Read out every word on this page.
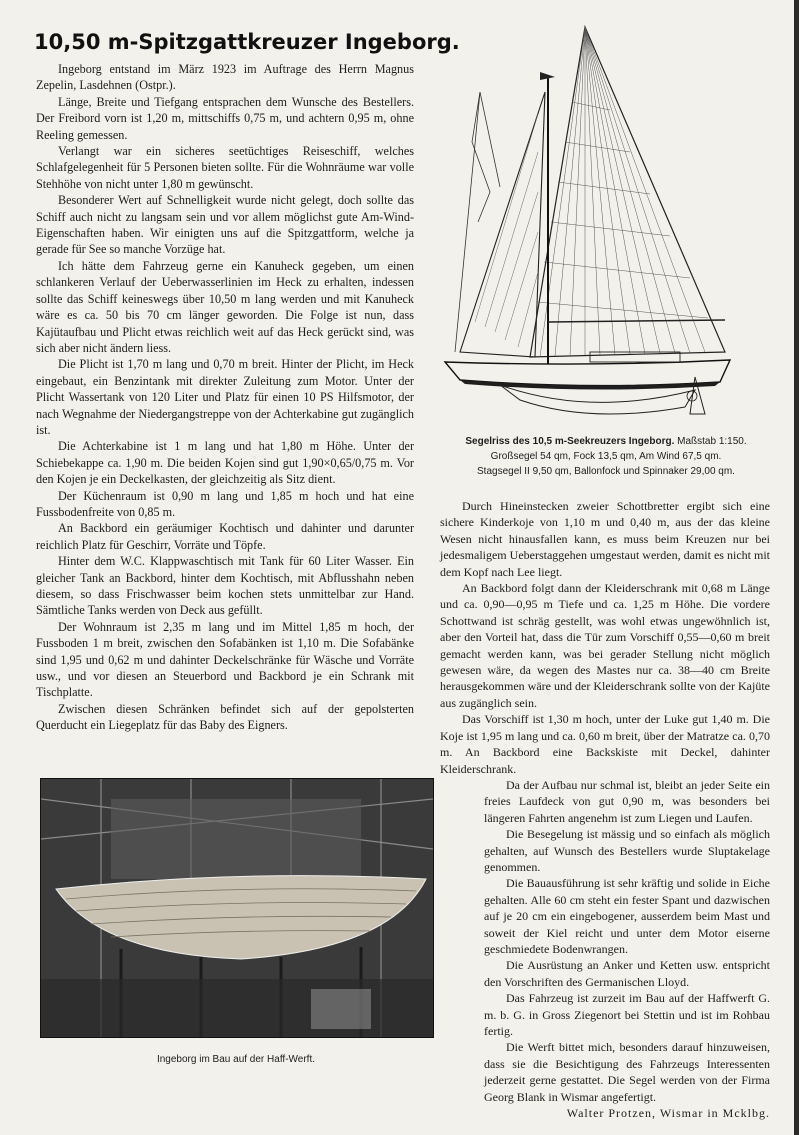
10,50 m-Spitzgattkreuzer Ingeborg.

Ingeborg entstand im März 1923 im Auftrage des Herrn Magnus Zepelin, Lasdehnen (Ostpr.).

Länge, Breite und Tiefgang entsprachen dem Wunsche des Bestellers. Der Freibord vorn ist 1,20 m, mittschiffs 0,75 m, und achtern 0,95 m, ohne Reeling gemessen.

Verlangt war ein sicheres seetüchtiges Reiseschiff, welches Schlafgelegenheit für 5 Personen bieten sollte. Für die Wohnräume war volle Stehhöhe von nicht unter 1,80 m gewünscht.

Besonderer Wert auf Schnelligkeit wurde nicht gelegt, doch sollte das Schiff auch nicht zu langsam sein und vor allem möglichst gute Am-Wind-Eigenschaften haben. Wir einigten uns auf die Spitzgattform, welche ja gerade für See so manche Vorzüge hat.

Ich hätte dem Fahrzeug gerne ein Kanuheck gegeben, um einen schlankeren Verlauf der Ueberwasserlinien im Heck zu erhalten, indessen sollte das Schiff keineswegs über 10,50 m lang werden und mit Kanuheck wäre es ca. 50 bis 70 cm länger geworden. Die Folge ist nun, dass Kajütaufbau und Plicht etwas reichlich weit auf das Heck gerückt sind, was sich aber nicht ändern liess.

Die Plicht ist 1,70 m lang und 0,70 m breit. Hinter der Plicht, im Heck eingebaut, ein Benzintank mit direkter Zuleitung zum Motor. Unter der Plicht Wassertank von 120 Liter und Platz für einen 10 PS Hilfsmotor, der nach Wegnahme der Niedergangstreppe von der Achterkabine gut zugänglich ist.

Die Achterkabine ist 1 m lang und hat 1,80 m Höhe. Unter der Schiebekappe ca. 1,90 m. Die beiden Kojen sind gut 1,90×0,65/0,75 m. Vor den Kojen je ein Deckelkasten, der gleichzeitig als Sitz dient.

Der Küchenraum ist 0,90 m lang und 1,85 m hoch und hat eine Fussbodenfreite von 0,85 m.

An Backbord ein geräumiger Kochtisch und dahinter und darunter reichlich Platz für Geschirr, Vorräte und Töpfe.

Hinter dem W.C. Klappwaschtisch mit Tank für 60 Liter Wasser. Ein gleicher Tank an Backbord, hinter dem Kochtisch, mit Abflusshahn neben diesem, so dass Frischwasser beim kochen stets unmittelbar zur Hand. Sämtliche Tanks werden von Deck aus gefüllt.

Der Wohnraum ist 2,35 m lang und im Mittel 1,85 m hoch, der Fussboden 1 m breit, zwischen den Sofabänken ist 1,10 m. Die Sofabänke sind 1,95 und 0,62 m und dahinter Deckelschränke für Wäsche und Vorräte usw., und vor diesen an Steuerbord und Backbord je ein Schrank mit Tischplatte.

Zwischen diesen Schränken befindet sich auf der gepolsterten Querducht ein Liegeplatz für das Baby des Eigners.

Segelriss des 10,5 m-Seekreuzers Ingeborg. Maßstab 1:150.
Großsegel 54 qm, Fock 13,5 qm, Am Wind 67,5 qm.
Stagsegel II 9,50 qm, Ballonfock und Spinnaker 29,00 qm.

Durch Hineinstecken zweier Schottbretter ergibt sich eine sichere Kinderkoje von 1,10 m und 0,40 m, aus der das kleine Wesen nicht hinausfallen kann, es muss beim Kreuzen nur bei jedesmaligem Ueberstaggehen umgestaut werden, damit es nicht mit dem Kopf nach Lee liegt.

An Backbord folgt dann der Kleiderschrank mit 0,68 m Länge und ca. 0,90—0,95 m Tiefe und ca. 1,25 m Höhe. Die vordere Schottwand ist schräg gestellt, was wohl etwas ungewöhnlich ist, aber den Vorteil hat, dass die Tür zum Vorschiff 0,55—0,60 m breit gemacht werden kann, was bei gerader Stellung nicht möglich gewesen wäre, da wegen des Mastes nur ca. 38—40 cm Breite herausgekommen wäre und der Kleiderschrank sollte von der Kajüte aus zugänglich sein.

Das Vorschiff ist 1,30 m hoch, unter der Luke gut 1,40 m. Die Koje ist 1,95 m lang und ca. 0,60 m breit, über der Matratze ca. 0,70 m. An Backbord eine Backskiste mit Deckel, dahinter Kleiderschrank.

Da der Aufbau nur schmal ist, bleibt an jeder Seite ein freies Laufdeck von gut 0,90 m, was besonders bei längeren Fahrten angenehm ist zum Liegen und Laufen.

Die Besegelung ist mässig und so einfach als möglich gehalten, auf Wunsch des Bestellers wurde Sluptakelage genommen.

Die Bauausführung ist sehr kräftig und solide in Eiche gehalten. Alle 60 cm steht ein fester Spant und dazwischen auf je 20 cm ein eingebogener, ausserdem beim Mast und soweit der Kiel reicht und unter dem Motor eiserne geschmiedete Bodenwrangen.

Die Ausrüstung an Anker und Ketten usw. entspricht den Vorschriften des Germanischen Lloyd.

Das Fahrzeug ist zurzeit im Bau auf der Haffwerft G. m. b. G. in Gross Ziegenort bei Stettin und ist im Rohbau fertig.

Die Werft bittet mich, besonders darauf hinzuweisen, dass sie die Besichtigung des Fahrzeugs Interessenten jederzeit gerne gestattet. Die Segel werden von der Firma Georg Blank in Wismar angefertigt.

Walter Protzen, Wismar in Mcklbg.

Ingeborg im Bau auf der Haff-Werft.
